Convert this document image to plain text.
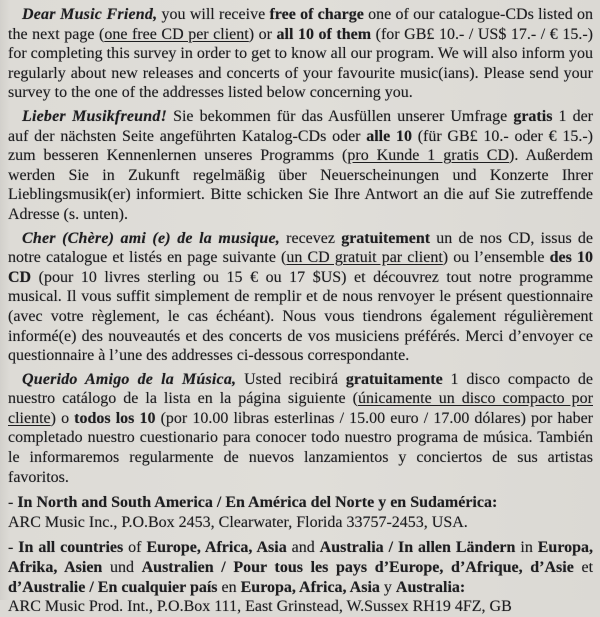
Dear Music Friend, you will receive free of charge one of our catalogue-CDs listed on the next page (one free CD per client) or all 10 of them (for GB£ 10.- / US$ 17.- / € 15.-) for completing this survey in order to get to know all our program. We will also inform you regularly about new releases and concerts of your favourite music(ians). Please send your survey to the one of the addresses listed below concerning you.

Lieber Musikfreund! Sie bekommen für das Ausfüllen unserer Umfrage gratis 1 der auf der nächsten Seite angeführten Katalog-CDs oder alle 10 (für GB£ 10.- oder € 15.-) zum besseren Kennenlernen unseres Programms (pro Kunde 1 gratis CD). Außerdem werden Sie in Zukunft regelmäßig über Neuerscheinungen und Konzerte Ihrer Lieblingsmusik(er) informiert. Bitte schicken Sie Ihre Antwort an die auf Sie zutreffende Adresse (s. unten).

Cher (Chère) ami (e) de la musique, recevez gratuitement un de nos CD, issus de notre catalogue et listés en page suivante (un CD gratuit par client) ou l’ensemble des 10 CD (pour 10 livres sterling ou 15 € ou 17 $US) et découvrez tout notre programme musical. Il vous suffit simplement de remplir et de nous renvoyer le présent questionnaire (avec votre règlement, le cas échéant). Nous vous tiendrons également régulièrement informé(e) des nouveautés et des concerts de vos musiciens préférés. Merci d’envoyer ce questionnaire à l’une des addresses ci-dessous correspondante.

Querido Amigo de la Música, Usted recibirá gratuitamente 1 disco compacto de nuestro catálogo de la lista en la página siguiente (únicamente un disco compacto por cliente) o todos los 10 (por 10.00 libras esterlinas / 15.00 euro / 17.00 dólares) por haber completado nuestro cuestionario para conocer todo nuestro programa de música. También le informaremos regularmente de nuevos lanzamientos y conciertos de sus artistas favoritos.

- In North and South America / En América del Norte y en Sudamérica:

ARC Music Inc., P.O.Box 2453, Clearwater, Florida 33757-2453, USA.

- In all countries of Europe, Africa, Asia and Australia / In allen Ländern in Europa, Afrika, Asien und Australien / Pour tous les pays d’Europe, d’Afrique, d’Asie et d’Australie / En cualquier país en Europa, Africa, Asia y Australia:

ARC Music Prod. Int., P.O.Box 111, East Grinstead, W.Sussex RH19 4FZ, GB
